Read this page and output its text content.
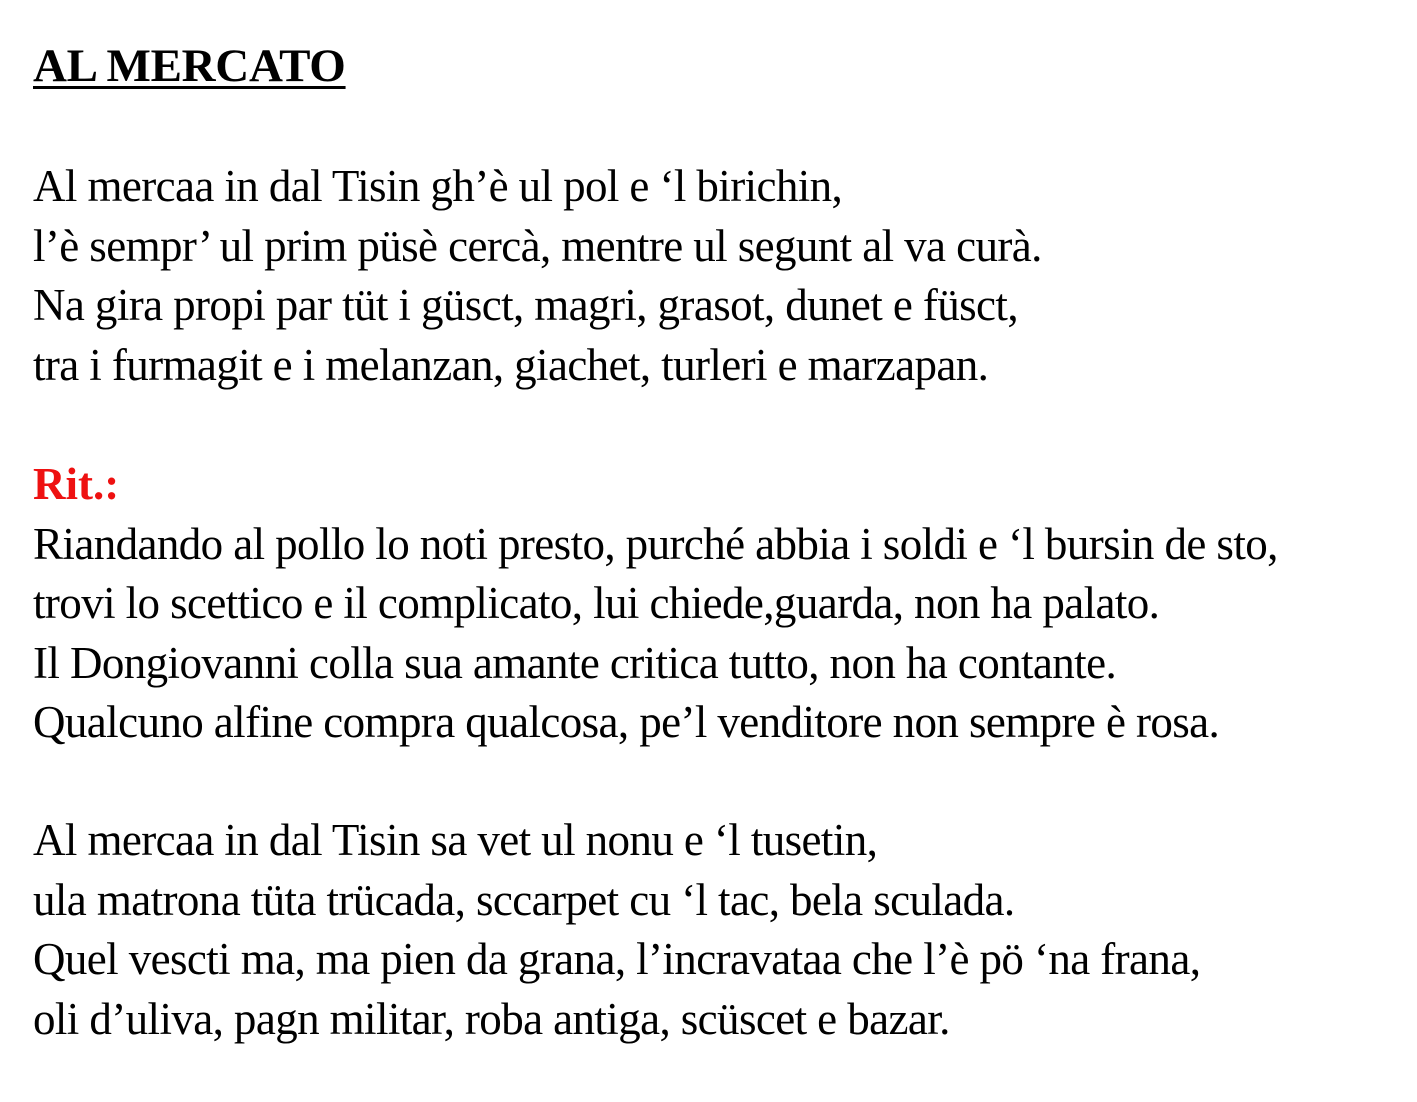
AL MERCATO
Al mercaa in dal Tisin gh’è ul pol e ‘l birichin,
l’è sempr’ ul prim püsè cercà, mentre ul segunt al va curà.
Na gira propi par tüt i güsct, magri, grasot, dunet e füsct,
tra i furmagit e i melanzan, giachet, turleri e marzapan.
Rit.:
Riandando al pollo lo noti presto, purché abbia i soldi e ‘l bursin de sto,
trovi lo scettico e il complicato, lui chiede,guarda, non ha palato.
Il Dongiovanni colla sua amante critica tutto, non ha contante.
Qualcuno alfine compra qualcosa, pe’l venditore non sempre è rosa.
Al mercaa in dal Tisin sa vet ul nonu e ‘l tusetin,
ula matrona tüta trücada, sccarpet cu ‘l tac, bela sculada.
Quel vescti ma, ma pien da grana, l’incravataa che l’è pö ‘na frana,
oli d’uliva, pagn militar, roba antiga, scüscet e bazar.
